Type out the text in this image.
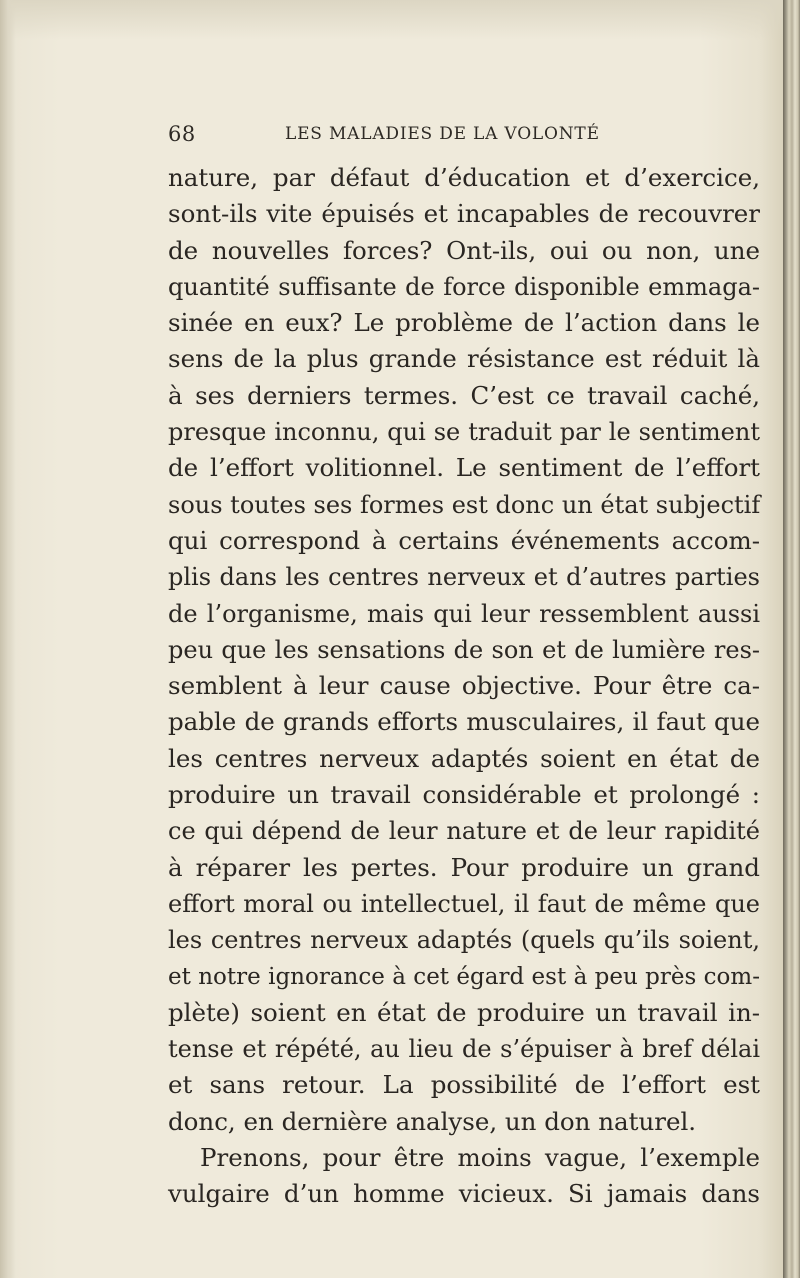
68	LES MALADIES DE LA VOLONTÉ
nature, par défaut d’éducation et d’exercice,
sont-ils vite épuisés et incapables de recouvrer
de nouvelles forces? Ont-ils, oui ou non, une
quantité suffisante de force disponible emmaga-
sinée en eux? Le problème de l’action dans le
sens de la plus grande résistance est réduit là
à ses derniers termes. C’est ce travail caché,
presque inconnu, qui se traduit par le sentiment
de l’effort volitionnel. Le sentiment de l’effort
sous toutes ses formes est donc un état subjectif
qui correspond à certains événements accom-
plis dans les centres nerveux et d’autres parties
de l’organisme, mais qui leur ressemblent aussi
peu que les sensations de son et de lumière res-
semblent à leur cause objective. Pour être ca-
pable de grands efforts musculaires, il faut que
les centres nerveux adaptés soient en état de
produire un travail considérable et prolongé :
ce qui dépend de leur nature et de leur rapidité
à réparer les pertes. Pour produire un grand
effort moral ou intellectuel, il faut de même que
les centres nerveux adaptés (quels qu’ils soient,
et notre ignorance à cet égard est à peu près com-
plète) soient en état de produire un travail in-
tense et répété, au lieu de s’épuiser à bref délai
et sans retour. La possibilité de l’effort est
donc, en dernière analyse, un don naturel.
Prenons, pour être moins vague, l’exemple
vulgaire d’un homme vicieux. Si jamais dans
